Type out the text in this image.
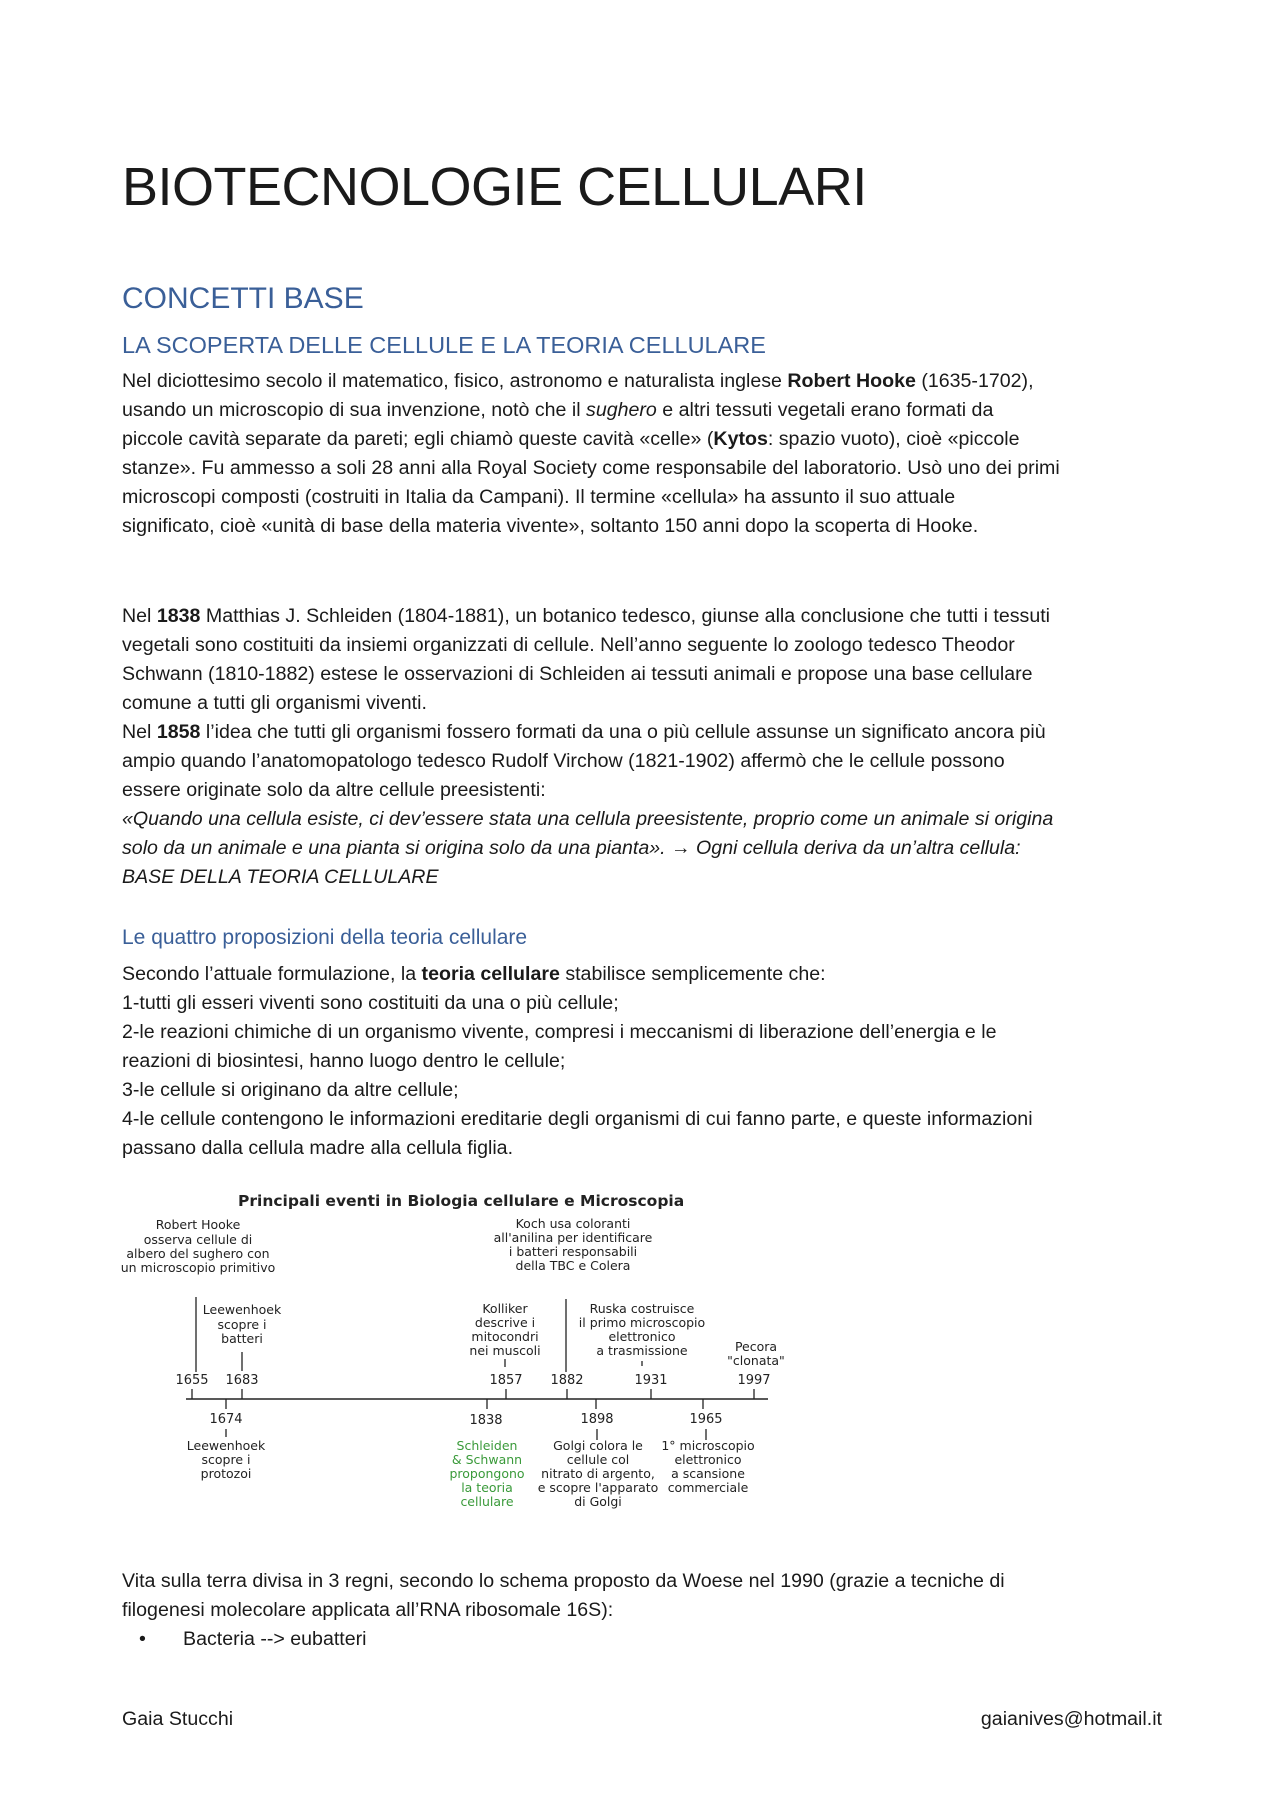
BIOTECNOLOGIE CELLULARI
CONCETTI BASE
LA SCOPERTA DELLE CELLULE E LA TEORIA CELLULARE

Nel diciottesimo secolo il matematico, fisico, astronomo e naturalista inglese Robert Hooke (1635-1702),
usando un microscopio di sua invenzione, notò che il sughero e altri tessuti vegetali erano formati da
piccole cavità separate da pareti; egli chiamò queste cavità «celle» (Kytos: spazio vuoto), cioè «piccole
stanze». Fu ammesso a soli 28 anni alla Royal Society come responsabile del laboratorio. Usò uno dei primi
microscopi composti (costruiti in Italia da Campani). Il termine «cellula» ha assunto il suo attuale
significato, cioè «unità di base della materia vivente», soltanto 150 anni dopo la scoperta di Hooke.

Nel 1838 Matthias J. Schleiden (1804-1881), un botanico tedesco, giunse alla conclusione che tutti i tessuti
vegetali sono costituiti da insiemi organizzati di cellule. Nell’anno seguente lo zoologo tedesco Theodor
Schwann (1810-1882) estese le osservazioni di Schleiden ai tessuti animali e propose una base cellulare
comune a tutti gli organismi viventi.
Nel 1858 l’idea che tutti gli organismi fossero formati da una o più cellule assunse un significato ancora più
ampio quando l’anatomopatologo tedesco Rudolf Virchow (1821-1902) affermò che le cellule possono
essere originate solo da altre cellule preesistenti:
«Quando una cellula esiste, ci dev’essere stata una cellula preesistente, proprio come un animale si origina
solo da un animale e una pianta si origina solo da una pianta». → Ogni cellula deriva da un’altra cellula:
BASE DELLA TEORIA CELLULARE

Le quattro proposizioni della teoria cellulare

Secondo l’attuale formulazione, la teoria cellulare stabilisce semplicemente che:
1-tutti gli esseri viventi sono costituiti da una o più cellule;
2-le reazioni chimiche di un organismo vivente, compresi i meccanismi di liberazione dell’energia e le
reazioni di biosintesi, hanno luogo dentro le cellule;
3-le cellule si originano da altre cellule;
4-le cellule contengono le informazioni ereditarie degli organismi di cui fanno parte, e queste informazioni
passano dalla cellula madre alla cellula figlia.

Principali eventi in Biologia cellulare e Microscopia
Robert Hooke
osserva cellule di
albero del sughero con
un microscopio primitivo
Leewenhoek
scopre i
batteri
Koch usa coloranti
all'anilina per identificare
i batteri responsabili
della TBC e Colera
Kolliker
descrive i
mitocondri
nei muscoli
Ruska costruisce
il primo microscopio
elettronico
a trasmissione	Pecora
"clonata"
1655 1683	1857 1882	1931	1997
1674	1838	1898	1965
Leewenhoek
scopre i
protozoi
Schleiden
& Schwann
propongono
la teoria
cellulare
Golgi colora le
cellule col
nitrato di argento,
e scopre l'apparato
di Golgi
1° microscopio
elettronico
a scansione
commerciale

Vita sulla terra divisa in 3 regni, secondo lo schema proposto da Woese nel 1990 (grazie a tecniche di
filogenesi molecolare applicata all’RNA ribosomale 16S):

• Bacteria --> eubatteri
Gaia Stucchi	gaianives@hotmail.it
